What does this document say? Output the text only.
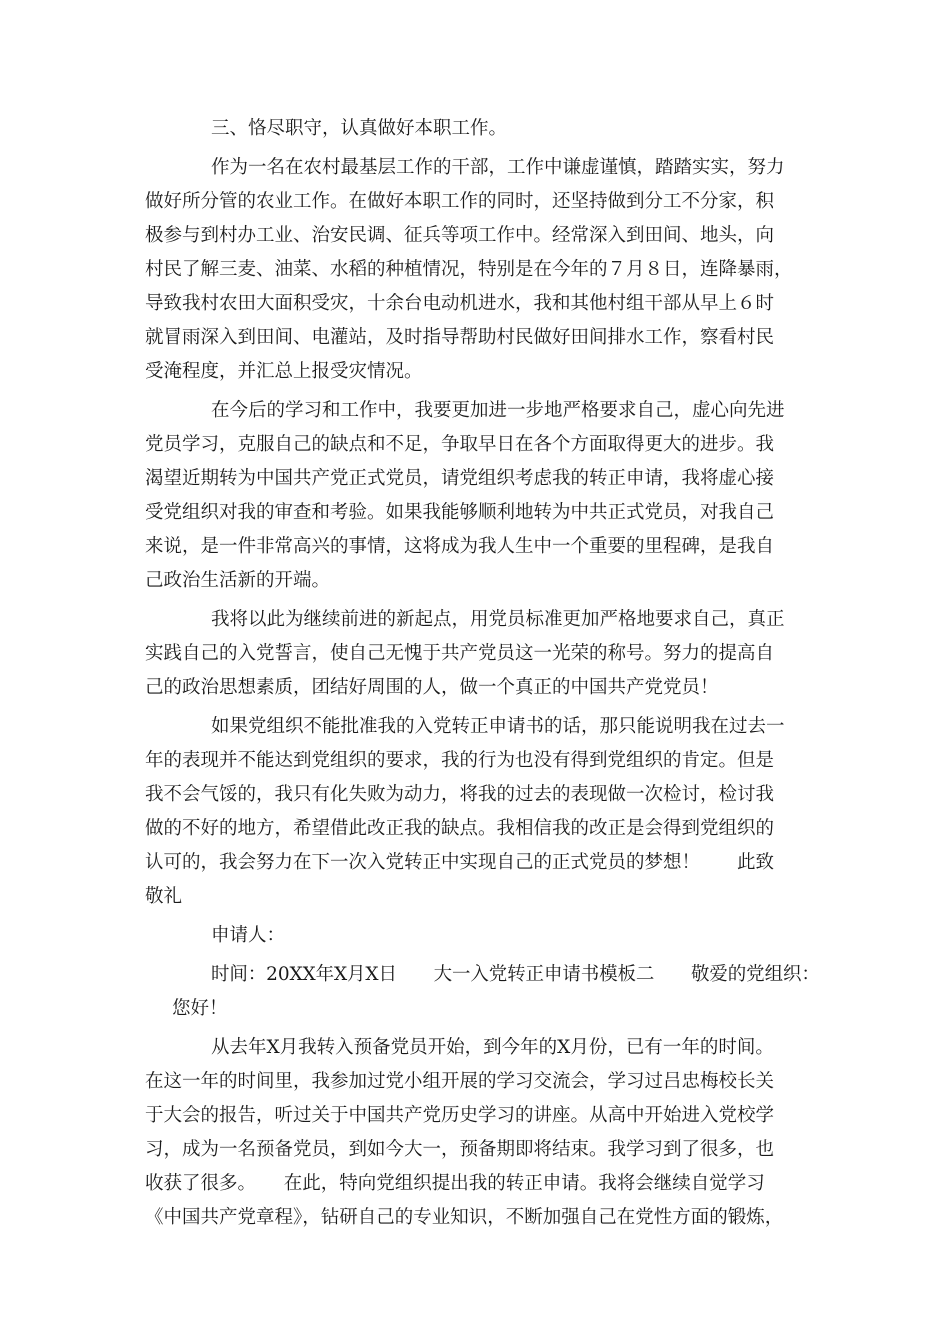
三、恪尽职守，认真做好本职工作。

作为一名在农村最基层工作的干部，工作中谦虚谨慎，踏踏实实，努力

做好所分管的农业工作。在做好本职工作的同时，还坚持做到分工不分家，积

极参与到村办工业、治安民调、征兵等项工作中。经常深入到田间、地头，向

村民了解三麦、油菜、水稻的种植情况，特别是在今年的７月８日，连降暴雨，

导致我村农田大面积受灾，十余台电动机进水，我和其他村组干部从早上６时

就冒雨深入到田间、电灌站，及时指导帮助村民做好田间排水工作，察看村民

受淹程度，并汇总上报受灾情况。

在今后的学习和工作中，我要更加进一步地严格要求自己，虚心向先进

党员学习，克服自己的缺点和不足，争取早日在各个方面取得更大的进步。我

渴望近期转为中国共产党正式党员，请党组织考虑我的转正申请，我将虚心接

受党组织对我的审查和考验。如果我能够顺利地转为中共正式党员，对我自己

来说，是一件非常高兴的事情，这将成为我人生中一个重要的里程碑，是我自

己政治生活新的开端。

我将以此为继续前进的新起点，用党员标准更加严格地要求自己，真正

实践自己的入党誓言，使自己无愧于共产党员这一光荣的称号。努力的提高自

己的政治思想素质，团结好周围的人，做一个真正的中国共产党党员！

如果党组织不能批准我的入党转正申请书的话，那只能说明我在过去一

年的表现并不能达到党组织的要求，我的行为也没有得到党组织的肯定。但是

我不会气馁的，我只有化失败为动力，将我的过去的表现做一次检讨，检讨我

做的不好的地方，希望借此改正我的缺点。我相信我的改正是会得到党组织的

认可的，我会努力在下一次入党转正中实现自己的正式党员的梦想！　　此致

敬礼

申请人：

时间：20XX年X月X日　　大一入党转正申请书模板二　　敬爱的党组织：

您好！

从去年X月我转入预备党员开始，到今年的X月份，已有一年的时间。

在这一年的时间里，我参加过党小组开展的学习交流会，学习过吕忠梅校长关

于大会的报告，听过关于中国共产党历史学习的讲座。从高中开始进入党校学

习，成为一名预备党员，到如今大一，预备期即将结束。我学习到了很多，也

收获了很多。　　在此，特向党组织提出我的转正申请。我将会继续自觉学习

《中国共产党章程》，钻研自己的专业知识，不断加强自己在党性方面的锻炼，
